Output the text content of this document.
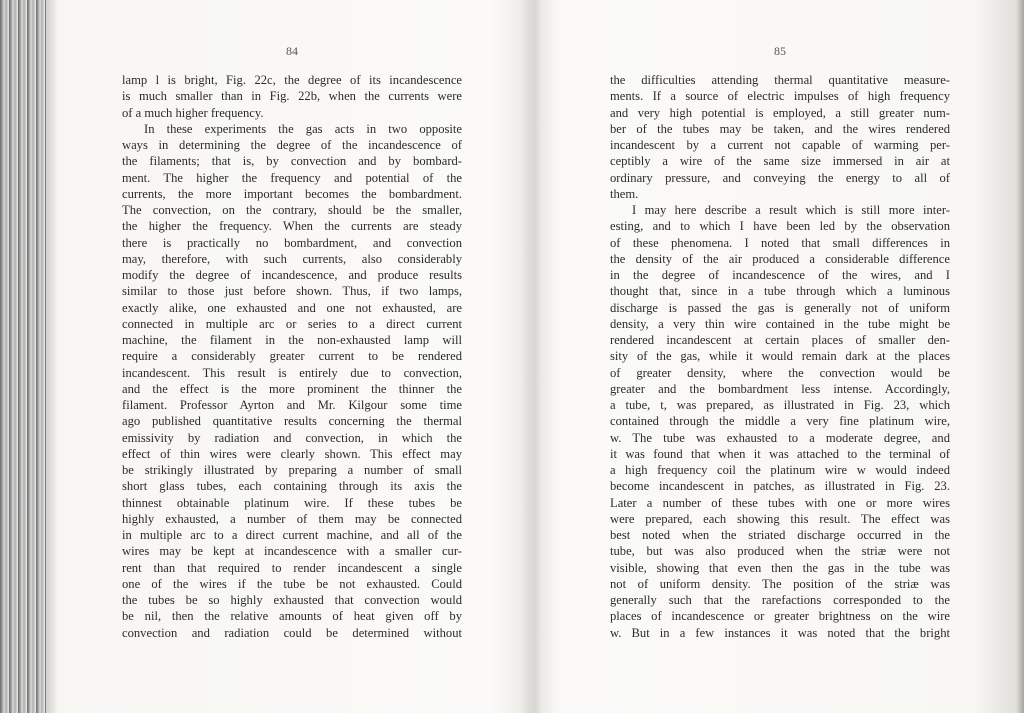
84
lamp l is bright, Fig. 22c, the degree of its incandescence
is much smaller than in Fig. 22b, when the currents were
of a much higher frequency.
In these experiments the gas acts in two opposite
ways in determining the degree of the incandescence of
the filaments; that is, by convection and by bombard-
ment. The higher the frequency and potential of the
currents, the more important becomes the bombardment.
The convection, on the contrary, should be the smaller,
the higher the frequency. When the currents are steady
there is practically no bombardment, and convection
may, therefore, with such currents, also considerably
modify the degree of incandescence, and produce results
similar to those just before shown. Thus, if two lamps,
exactly alike, one exhausted and one not exhausted, are
connected in multiple arc or series to a direct current
machine, the filament in the non-exhausted lamp will
require a considerably greater current to be rendered
incandescent. This result is entirely due to convection,
and the effect is the more prominent the thinner the
filament. Professor Ayrton and Mr. Kilgour some time
ago published quantitative results concerning the thermal
emissivity by radiation and convection, in which the
effect of thin wires were clearly shown. This effect may
be strikingly illustrated by preparing a number of small
short glass tubes, each containing through its axis the
thinnest obtainable platinum wire. If these tubes be
highly exhausted, a number of them may be connected
in multiple arc to a direct current machine, and all of the
wires may be kept at incandescence with a smaller cur-
rent than that required to render incandescent a single
one of the wires if the tube be not exhausted. Could
the tubes be so highly exhausted that convection would
be nil, then the relative amounts of heat given off by
convection and radiation could be determined without
85
the difficulties attending thermal quantitative measure-
ments. If a source of electric impulses of high frequency
and very high potential is employed, a still greater num-
ber of the tubes may be taken, and the wires rendered
incandescent by a current not capable of warming per-
ceptibly a wire of the same size immersed in air at
ordinary pressure, and conveying the energy to all of
them.
I may here describe a result which is still more inter-
esting, and to which I have been led by the observation
of these phenomena. I noted that small differences in
the density of the air produced a considerable difference
in the degree of incandescence of the wires, and I
thought that, since in a tube through which a luminous
discharge is passed the gas is generally not of uniform
density, a very thin wire contained in the tube might be
rendered incandescent at certain places of smaller den-
sity of the gas, while it would remain dark at the places
of greater density, where the convection would be
greater and the bombardment less intense. Accordingly,
a tube, t, was prepared, as illustrated in Fig. 23, which
contained through the middle a very fine platinum wire,
w. The tube was exhausted to a moderate degree, and
it was found that when it was attached to the terminal of
a high frequency coil the platinum wire w would indeed
become incandescent in patches, as illustrated in Fig. 23.
Later a number of these tubes with one or more wires
were prepared, each showing this result. The effect was
best noted when the striated discharge occurred in the
tube, but was also produced when the striæ were not
visible, showing that even then the gas in the tube was
not of uniform density. The position of the striæ was
generally such that the rarefactions corresponded to the
places of incandescence or greater brightness on the wire
w. But in a few instances it was noted that the bright
